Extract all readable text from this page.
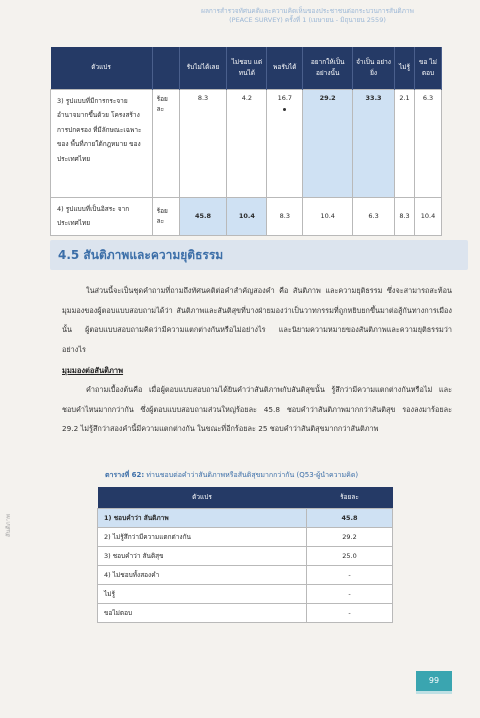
ผลการสำรวจทัศนคติและความคิดเห็นของประชาชนต่อกระบวนการสันติภาพ
(PEACE SURVEY) ครั้งที่ 1 (เมษายน - มิถุนายน 2559)
ตัวแปร		รับไม่ได้เลย	ไม่ชอบ แต่ทนได้	พอรับได้	อยากให้เป็น อย่างนั้น	จำเป็น อย่างยิ่ง	ไม่รู้	ขอ ไม่ตอบ
3) รูปแบบที่มีการกระจาย อำนาจมากขึ้นด้วย โครงสร้างการปกครอง ที่มีลักษณะเฉพาะของ พื้นที่ภายใต้กฎหมาย ของประเทศไทย	ร้อยละ	8.3	4.2	16.7	29.2	33.3	2.1	6.3
4) รูปแบบที่เป็นอิสระ จากประเทศไทย	ร้อยละ	45.8	10.4	8.3	10.4	6.3	8.3	10.4
4.5 สันติภาพและความยุติธรรม

ในส่วนนี้จะเป็นชุดคำถามที่ถามถึงทัศนคติต่อคำสำคัญสองคำ คือ สันติภาพ และความยุติธรรม ซึ่งจะสามารถสะท้อนมุมมองของผู้ตอบแบบสอบถามได้ว่า สันติภาพและสันติสุขที่บางฝ่ายมองว่าเป็นวาทกรรมที่ถูกหยิบยกขึ้นมาต่อสู้กันทางการเมืองนั้น ผู้ตอบแบบสอบถามคิดว่ามีความแตกต่างกันหรือไม่อย่างไร และนิยามความหมายของสันติภาพและความยุติธรรมว่าอย่างไร

มุมมองต่อสันติภาพ

คำถามเบื้องต้นคือ เมื่อผู้ตอบแบบสอบถามได้ยินคำว่าสันติภาพกับสันติสุขนั้น รู้สึกว่ามีความแตกต่างกันหรือไม่ และชอบคำไหนมากกว่ากัน ซึ่งผู้ตอบแบบสอบถามส่วนใหญ่ร้อยละ 45.8 ชอบคำว่าสันติภาพมากกว่าสันติสุข รองลงมาร้อยละ 29.2 ไม่รู้สึกว่าสองคำนี้มีความแตกต่างกัน ในขณะที่อีกร้อยละ 25 ชอบคำว่าสันติสุขมากกว่าสันติภาพ

ตารางที่ 62: ท่านชอบต่อคำว่าสันติภาพหรือสันติสุขมากกว่ากัน (Q53-ผู้นำความคิด)
ตัวแปร	ร้อยละ
1) ชอบคำว่า สันติภาพ	45.8
2) ไม่รู้สึกว่ามีความแตกต่างกัน	29.2
3) ชอบคำว่า สันติสุข	25.0
4) ไม่ชอบทั้งสองคำ	-
ไม่รู้	-
ขอไม่ตอบ	-
สันติภาพ
99
